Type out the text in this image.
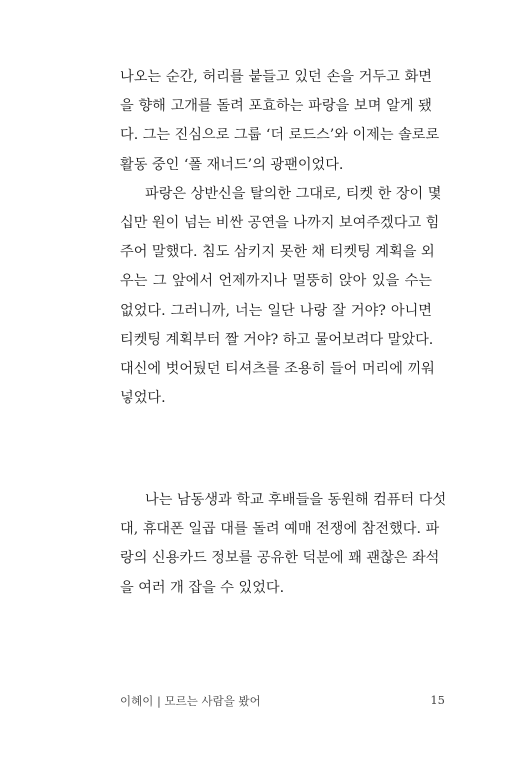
나오는 순간, 허리를 붙들고 있던 손을 거두고 화면
을 향해 고개를 돌려 포효하는 파랑을 보며 알게 됐
다. 그는 진심으로 그룹 ‘더 로드스’와 이제는 솔로로
활동 중인 ‘폴 재너드’의 광팬이었다.
파랑은 상반신을 탈의한 그대로, 티켓 한 장이 몇
십만 원이 넘는 비싼 공연을 나까지 보여주겠다고 힘
주어 말했다. 침도 삼키지 못한 채 티켓팅 계획을 외
우는 그 앞에서 언제까지나 멀뚱히 앉아 있을 수는
없었다. 그러니까, 너는 일단 나랑 잘 거야? 아니면
티켓팅 계획부터 짤 거야? 하고 물어보려다 말았다.
대신에 벗어뒀던 티셔츠를 조용히 들어 머리에 끼워
넣었다.
나는 남동생과 학교 후배들을 동원해 컴퓨터 다섯
대, 휴대폰 일곱 대를 돌려 예매 전쟁에 참전했다. 파
랑의 신용카드 정보를 공유한 덕분에 꽤 괜찮은 좌석
을 여러 개 잡을 수 있었다.
이혜이 | 모르는 사람을 봤어	15
